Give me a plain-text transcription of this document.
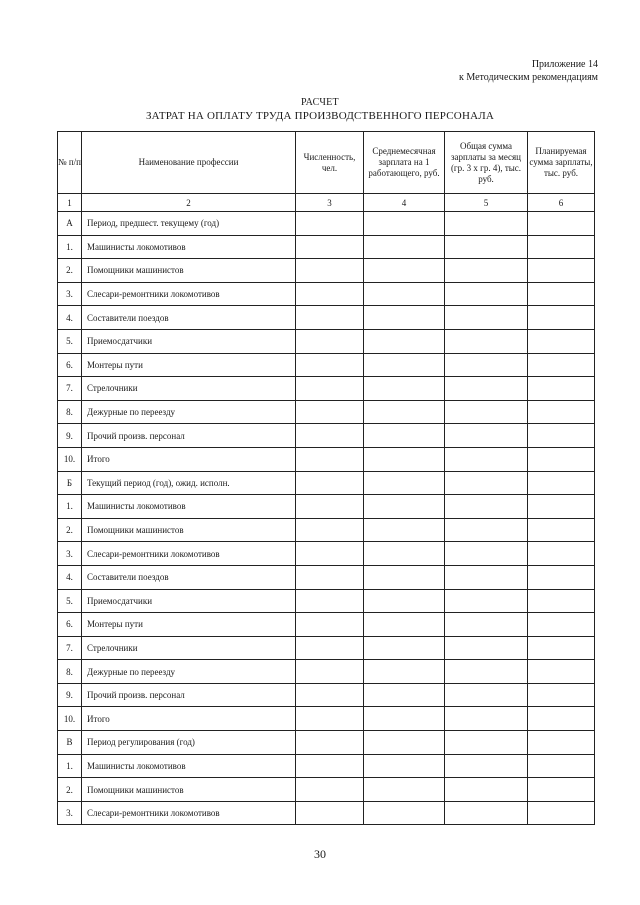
Приложение 14
к Методическим рекомендациям
РАСЧЕТ
ЗАТРАТ НА ОПЛАТУ ТРУДА ПРОИЗВОДСТВЕННОГО ПЕРСОНАЛА
№ п/п	Наименование профессии	Численность, чел.	Среднемесячная зарплата на 1 работающего, руб.	Общая сумма зарплаты за месяц (гр. 3 х гр. 4), тыс. руб.	Планируемая сумма зарплаты, тыс. руб.
1	2	3	4	5	6
А	Период, предшест. текущему (год)				
1.	Машинисты локомотивов				
2.	Помощники машинистов				
3.	Слесари-ремонтники локомотивов				
4.	Составители поездов				
5.	Приемосдатчики				
6.	Монтеры пути				
7.	Стрелочники				
8.	Дежурные по переезду				
9.	Прочий произв. персонал				
10.	Итого				
Б	Текущий период (год), ожид. исполн.				
1.	Машинисты локомотивов				
2.	Помощники машинистов				
3.	Слесари-ремонтники локомотивов				
4.	Составители поездов				
5.	Приемосдатчики				
6.	Монтеры пути				
7.	Стрелочники				
8.	Дежурные по переезду				
9.	Прочий произв. персонал				
10.	Итого				
В	Период регулирования (год)				
1.	Машинисты локомотивов				
2.	Помощники машинистов				
3.	Слесари-ремонтники локомотивов				
30
